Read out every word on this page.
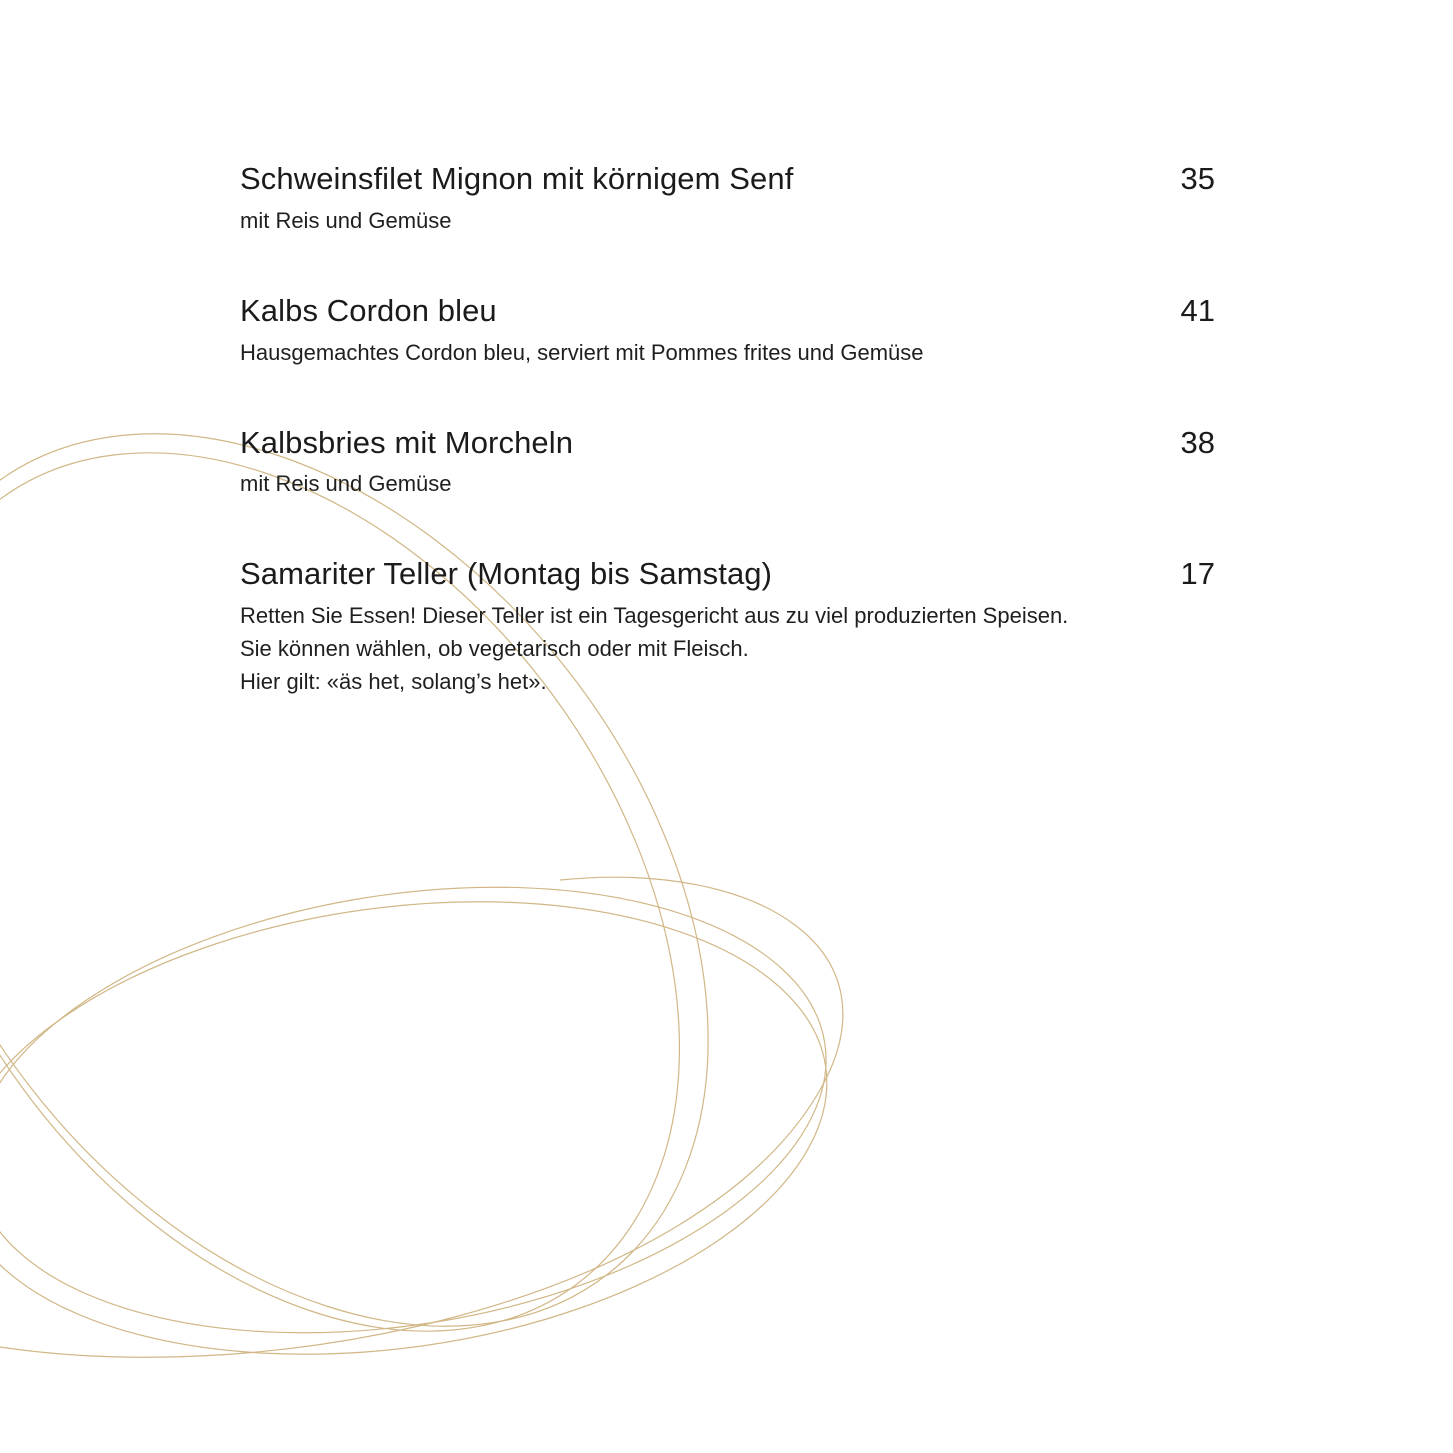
Schweinsfilet Mignon mit körnigem Senf	35
mit Reis und Gemüse
Kalbs Cordon bleu	41
Hausgemachtes Cordon bleu, serviert mit Pommes frites und Gemüse
Kalbsbries mit Morcheln	38
mit Reis und Gemüse
Samariter Teller (Montag bis Samstag)	17
Retten Sie Essen! Dieser Teller ist ein Tagesgericht aus zu viel produzierten Speisen.
Sie können wählen, ob vegetarisch oder mit Fleisch.
Hier gilt: «äs het, solang’s het».
